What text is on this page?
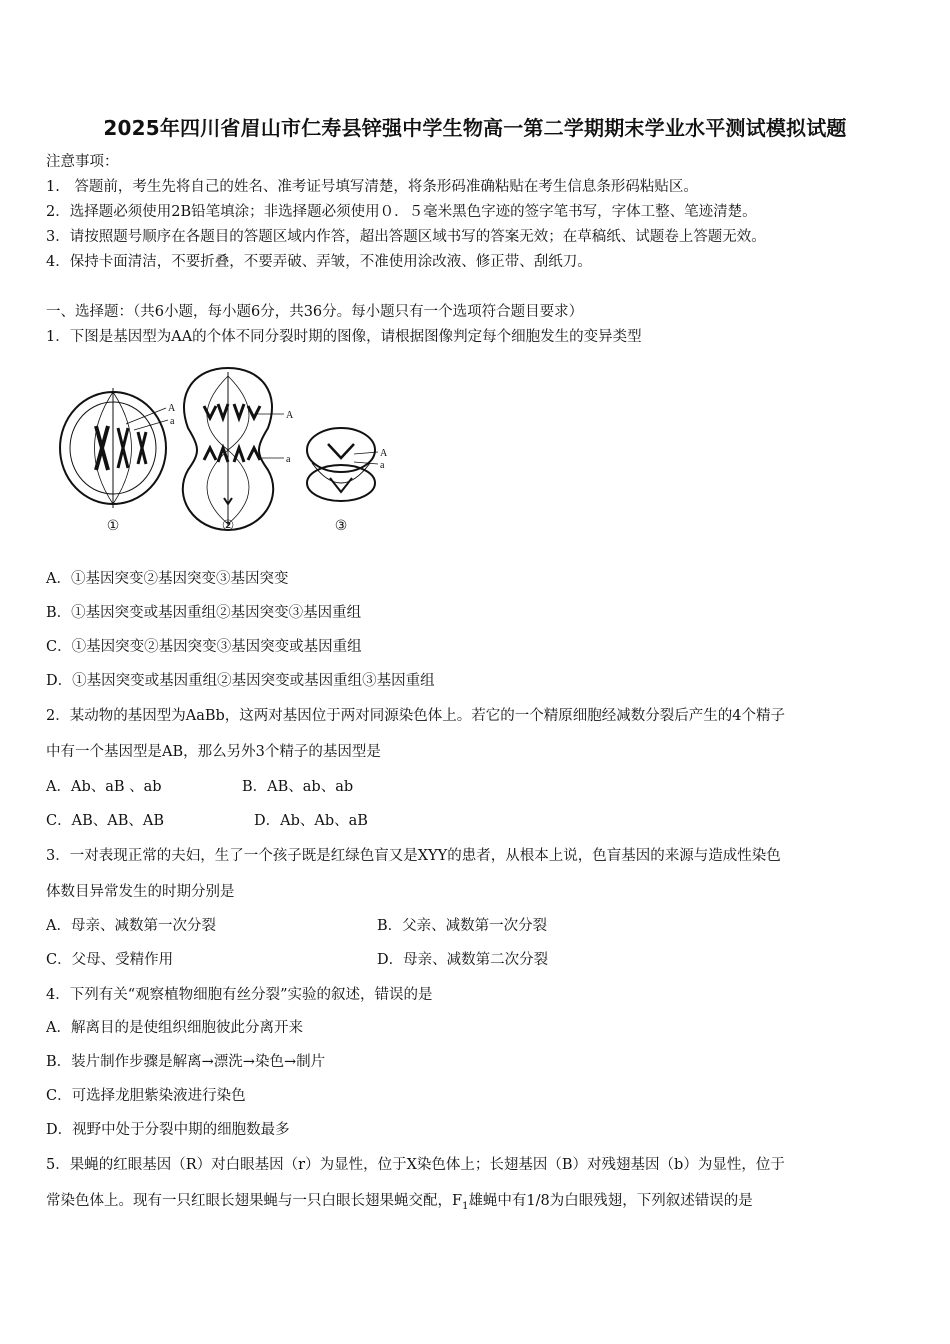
2025年四川省眉山市仁寿县锌强中学生物高一第二学期期末学业水平测试模拟试题
注意事项：
1.　答题前，考生先将自己的姓名、准考证号填写清楚，将条形码准确粘贴在考生信息条形码粘贴区。
2．选择题必须使用2B铅笔填涂；非选择题必须使用０．５毫米黑色字迹的签字笔书写，字体工整、笔迹清楚。
3．请按照题号顺序在各题目的答题区域内作答，超出答题区域书写的答案无效；在草稿纸、试题卷上答题无效。
4．保持卡面清洁，不要折叠，不要弄破、弄皱，不准使用涂改液、修正带、刮纸刀。
一、选择题：（共6小题，每小题6分，共36分。每小题只有一个选项符合题目要求）
1．下图是基因型为AA的个体不同分裂时期的图像，请根据图像判定每个细胞发生的变异类型
A
a
A
a
A
a
①	②	③
A．①基因突变②基因突变③基因突变
B．①基因突变或基因重组②基因突变③基因重组
C．①基因突变②基因突变③基因突变或基因重组
D．①基因突变或基因重组②基因突变或基因重组③基因重组
2．某动物的基因型为AaBb，这两对基因位于两对同源染色体上。若它的一个精原细胞经减数分裂后产生的4个精子
中有一个基因型是AB，那么另外3个精子的基因型是
A．Ab、aB 、ab	B．AB、ab、ab
C．AB、AB、AB	D．Ab、Ab、aB
3．一对表现正常的夫妇，生了一个孩子既是红绿色盲又是XYY的患者，从根本上说，色盲基因的来源与造成性染色
体数目异常发生的时期分别是
A．母亲、减数第一次分裂	B．父亲、减数第一次分裂
C．父母、受精作用	D．母亲、减数第二次分裂
4．下列有关“观察植物细胞有丝分裂”实验的叙述，错误的是
A．解离目的是使组织细胞彼此分离开来
B．装片制作步骤是解离→漂洗→染色→制片
C．可选择龙胆紫染液进行染色
D．视野中处于分裂中期的细胞数最多
5．果蝇的红眼基因（R）对白眼基因（r）为显性，位于X染色体上；长翅基因（B）对残翅基因（b）为显性，位于
常染色体上。现有一只红眼长翅果蝇与一只白眼长翅果蝇交配，$F_1$雄蝇中有1/8为白眼残翅，下列叙述错误的是
